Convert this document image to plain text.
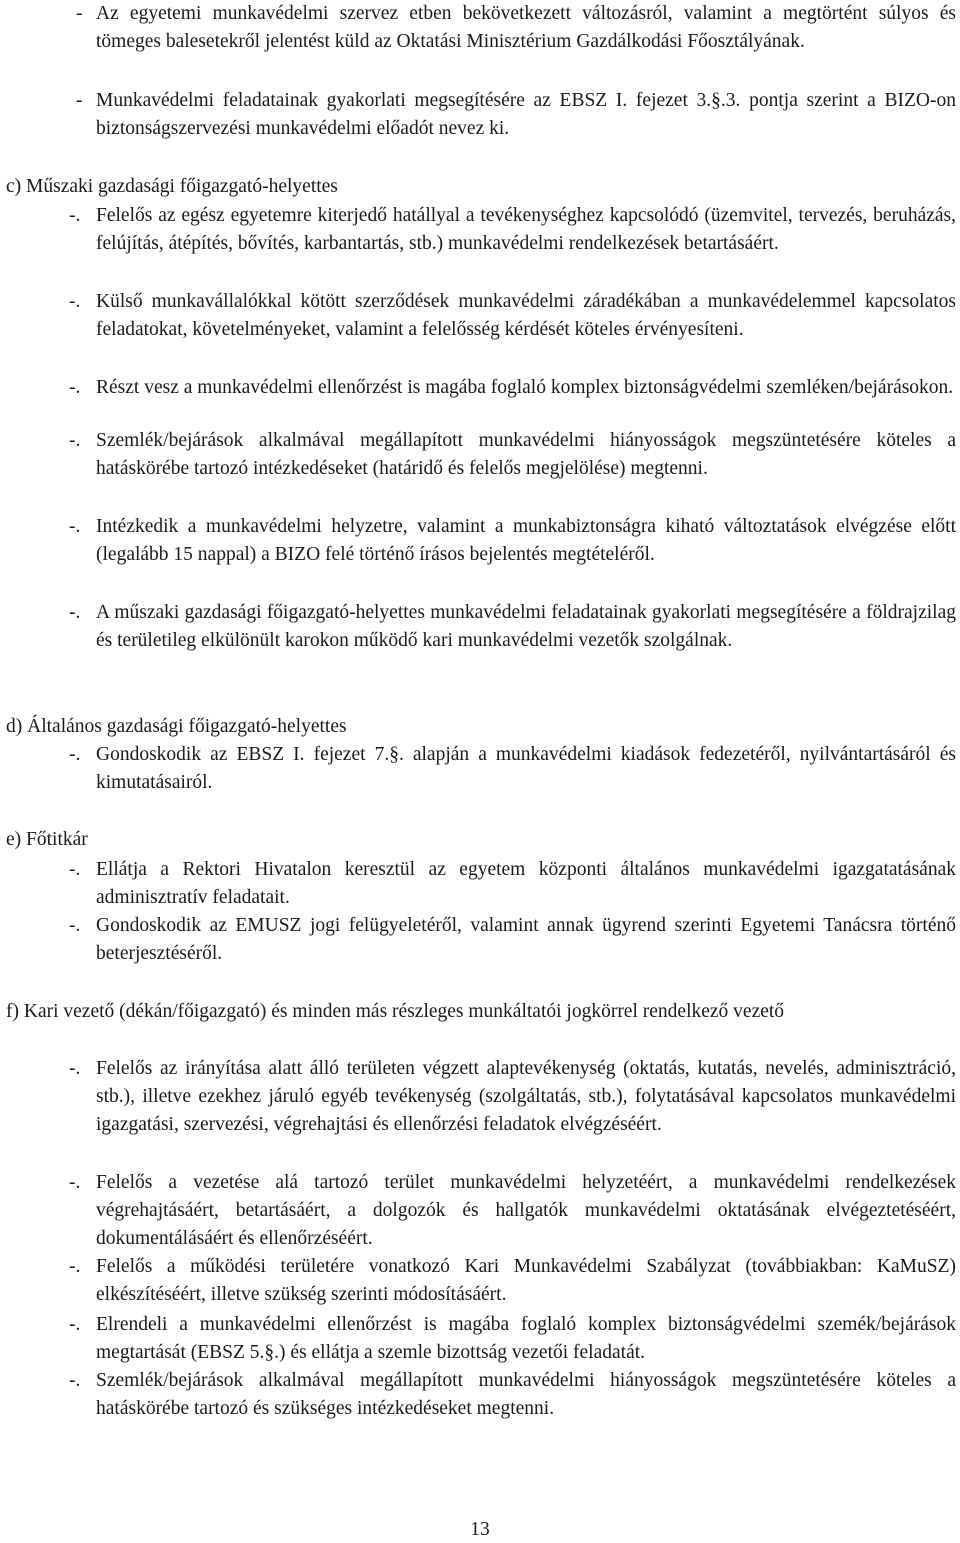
- Az egyetemi munkavédelmi szervez etben bekövetkezett változásról, valamint a megtörtént súlyos és tömeges balesetekről jelentést küld az Oktatási Minisztérium Gazdálkodási Főosztályának.
- Munkavédelmi feladatainak gyakorlati megsegítésére az EBSZ I. fejezet 3.§.3. pontja szerint a BIZO-on biztonságszervezési munkavédelmi előadót nevez ki.
c) Műszaki gazdasági főigazgató-helyettes
-. Felelős az egész egyetemre kiterjedő hatállyal a tevékenységhez kapcsolódó (üzemvitel, tervezés, beruházás, felújítás, átépítés, bővítés, karbantartás, stb.) munkavédelmi rendelkezések betartásáért.
-. Külső munkavállalókkal kötött szerződések munkavédelmi záradékában a munkavédelemmel kapcsolatos feladatokat, követelményeket, valamint a felelősség kérdését köteles érvényesíteni.
-. Részt vesz a munkavédelmi ellenőrzést is magába foglaló komplex biztonságvédelmi szemléken/bejárásokon.
-. Szemlék/bejárások alkalmával megállapított munkavédelmi hiányosságok megszüntetésére köteles a hatáskörébe tartozó intézkedéseket (határidő és felelős megjelölése) megtenni.
-. Intézkedik a munkavédelmi helyzetre, valamint a munkabiztonságra kiható változtatások elvégzése előtt (legalább 15 nappal) a BIZO felé történő írásos bejelentés megtételéről.
-. A műszaki gazdasági főigazgató-helyettes munkavédelmi feladatainak gyakorlati megsegítésére a földrajzilag és területileg elkülönült karokon működő kari munkavédelmi vezetők szolgálnak.
d) Általános gazdasági főigazgató-helyettes
-. Gondoskodik az EBSZ I. fejezet 7.§. alapján a munkavédelmi kiadások fedezetéről, nyilvántartásáról és kimutatásairól.
e) Főtitkár
-. Ellátja a Rektori Hivatalon keresztül az egyetem központi általános munkavédelmi igazgatatásának adminisztratív feladatait.
-. Gondoskodik az EMUSZ jogi felügyeletéről, valamint annak ügyrend szerinti Egyetemi Tanácsra történő beterjesztéséről.
f) Kari vezető (dékán/főigazgató) és minden más részleges munkáltatói jogkörrel rendelkező vezető
-. Felelős az irányítása alatt álló területen végzett alaptevékenység (oktatás, kutatás, nevelés, adminisztráció, stb.), illetve ezekhez járuló egyéb tevékenység (szolgáltatás, stb.), folytatásával kapcsolatos munkavédelmi igazgatási, szervezési, végrehajtási és ellenőrzési feladatok elvégzéséért.
-. Felelős a vezetése alá tartozó terület munkavédelmi helyzetéért, a munkavédelmi rendelkezések végrehajtásáért, betartásáért, a dolgozók és hallgatók munkavédelmi oktatásának elvégeztetéséért, dokumentálásáért és ellenőrzéséért.
-. Felelős a működési területére vonatkozó Kari Munkavédelmi Szabályzat (továbbiakban: KaMuSZ) elkészítéséért, illetve szükség szerinti módosításáért.
-. Elrendeli a munkavédelmi ellenőrzést is magába foglaló komplex biztonságvédelmi szemék/bejárások megtartását (EBSZ 5.§.) és ellátja a szemle bizottság vezetői feladatát.
-. Szemlék/bejárások alkalmával megállapított munkavédelmi hiányosságok megszüntetésére köteles a hatáskörébe tartozó és szükséges intézkedéseket megtenni.
13
